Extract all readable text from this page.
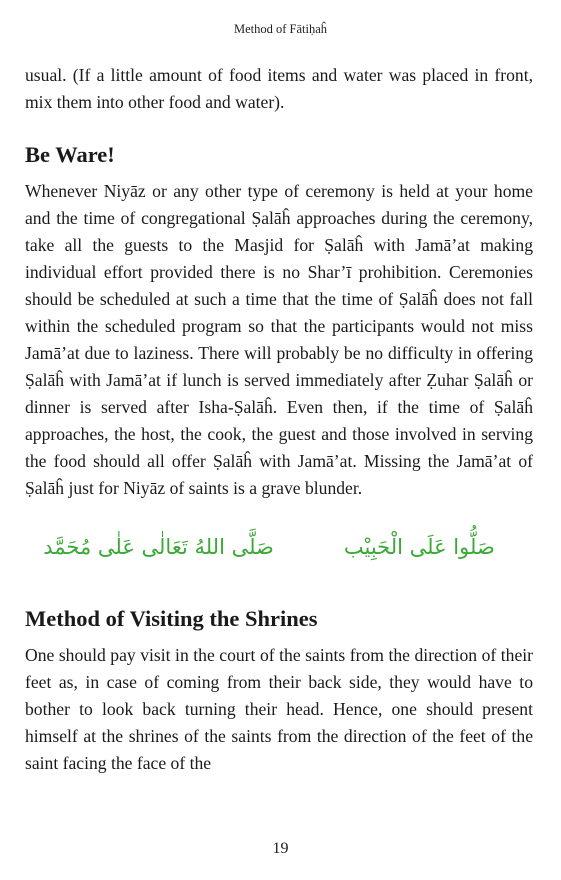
Method of Fātiḥaĥ

usual. (If a little amount of food items and water was placed in front, mix them into other food and water).

Be Ware!

Whenever Niyāz or any other type of ceremony is held at your home and the time of congregational Ṣalāĥ approaches during the ceremony, take all the guests to the Masjid for Ṣalāĥ with Jamā’at making individual effort provided there is no Shar’ī prohibition. Ceremonies should be scheduled at such a time that the time of Ṣalāĥ does not fall within the scheduled program so that the participants would not miss Jamā’at due to laziness. There will probably be no difficulty in offering Ṣalāĥ with Jamā’at if lunch is served immediately after Ẓuhar Ṣalāĥ or dinner is served after Isha-Ṣalāĥ. Even then, if the time of Ṣalāĥ approaches, the host, the cook, the guest and those involved in serving the food should all offer Ṣalāĥ with Jamā’at. Missing the Jamā’at of Ṣalāĥ just for Niyāz of saints is a grave blunder.

صَلُّوا عَلَى الْحَبِيْب
صَلَّى اللهُ تَعَالٰى عَلٰى مُحَمَّد
Method of Visiting the Shrines

One should pay visit in the court of the saints from the direction of their feet as, in case of coming from their back side, they would have to bother to look back turning their head. Hence, one should present himself at the shrines of the saints from the direction of the feet of the saint facing the face of the

19
